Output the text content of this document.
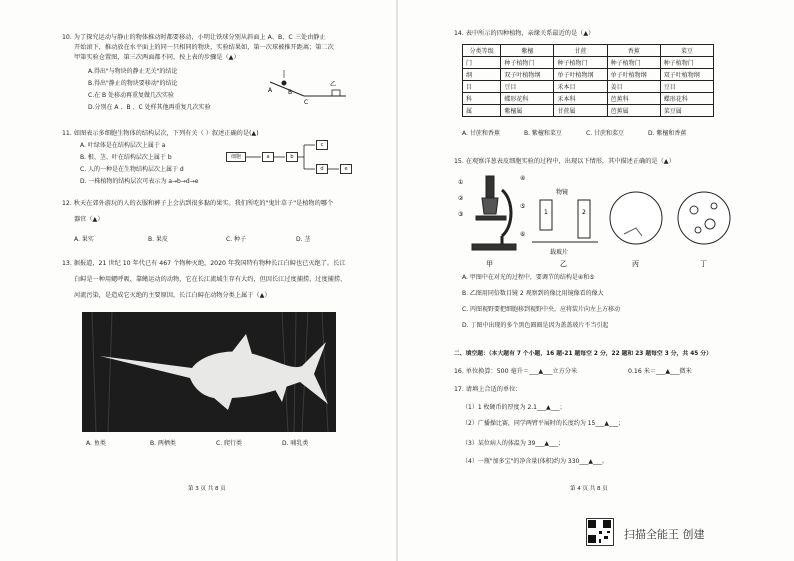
10. 为了探究运动与静止的物体推动时都要移动，小明让铁球分别从斜面上 A、B、C 三处由静止
开始滚下，推动放在水平面上的同一只相同的物块，实验结果如，第一次球被推开距离；第二次
甲第实验仓置图，第三次两面都不同，按上表的步骤是（▲）
A.得出"与物块的静止无关"的结论
B.得出"静止的物块要移动"的结论
C.在 B 处移动再重复做几次实验
D.分别在 A 、B 、C 处样其他再重复几次实验
A	B
C
乙
11. 如图表示多细胞生物体的结构层次，下列有关（ ）叙述正确的是(▲)
A. 叶绿体是在结构层次上属于 a
B. 根、茎、叶在结构层次上属于 b
C. 人的一种是在生物结构层次上属于 d
D. 一株植物的结构层次可表示为 a→b→d→e
细胞	a	b
c
d	e
12. 秋天在郊外游玩的人的衣服和裤子上会沾到很多黏的果实。我们所吃的"鬼针草子"是植物的哪个
器官（▲）
A. 果实	B. 果皮	C. 种子	D. 茎
13. 据报道，21 世纪 10 年代已有 467 个物种灭绝，2020 年我国特有物种长江白鲟也已灭绝了。长江
白鲟是一种用鳃呼吸、靠鳍运动的动物，它在长江流域生存有大约，但因长江过度捕捞、过度捕捞、
河流污染，是造成它灭绝的主要原因，长江白鲟在动物分类上属于（▲）
A. 鱼类	B. 两栖类	C. 爬行类	D. 哺乳类
第 3 页 共 8 页
14. 表中所示的四种植物，亲缘关系最近的是（▲）
分类等级	紫檀	甘蔗	香蕉	菜豆
门	种子植物门	种子植物门	种子植物门	种子植物门
纲	双子叶植物纲	单子叶植物纲	单子叶植物纲	双子叶植物纲
目	豆目	禾本目	姜目	豆目
科	蝶形花科	禾本科	芭蕉科	蝶形花科
属	紫檀属	甘蔗属	芭蕉属	菜豆属
A. 甘蔗和香蕉	B. 紫檀和菜豆	C. 甘蔗和菜豆	D. 紫檀和香蕉
15. 在观察洋葱表皮细胞实验的过程中，出现以下情形，其中描述正确的是（▲）
①
②
③
④
⑤
⑥
1	2
物镜
载玻片
甲	乙	丙	丁
A. 甲图中在对光的过程中，要调节的结构是④和⑤
B. 乙图用同倍数目镜 2 观察到的像比用镜像看的像大
C. 丙图视野要把细胞移到视野中央，应将装片向左上方移动
D. 丁图中出现的多个黑色圈圈是因为盖盖玻片不当引起
二、填空题：（本大题有 7 个小题，16 题-21 题每空 2 分，22 题和 23 题每空 3 分，共 45 分）
16. 单位换算：500 毫升＝___▲___立方分米	0.16 米＝___▲___微米
17. 请填上合适的单位：
（1）1 枚硬币的厚度为 2.1___▲___；
（2）广播操比赛，同学两臂平展时的长度约为 15___▲___；
（3）某位病人的体温为 39___▲___；
（4）一瓶"加多宝"的净含量(体积)约为 330___▲___。
第 4 页 共 8 页
扫描全能王 创建
